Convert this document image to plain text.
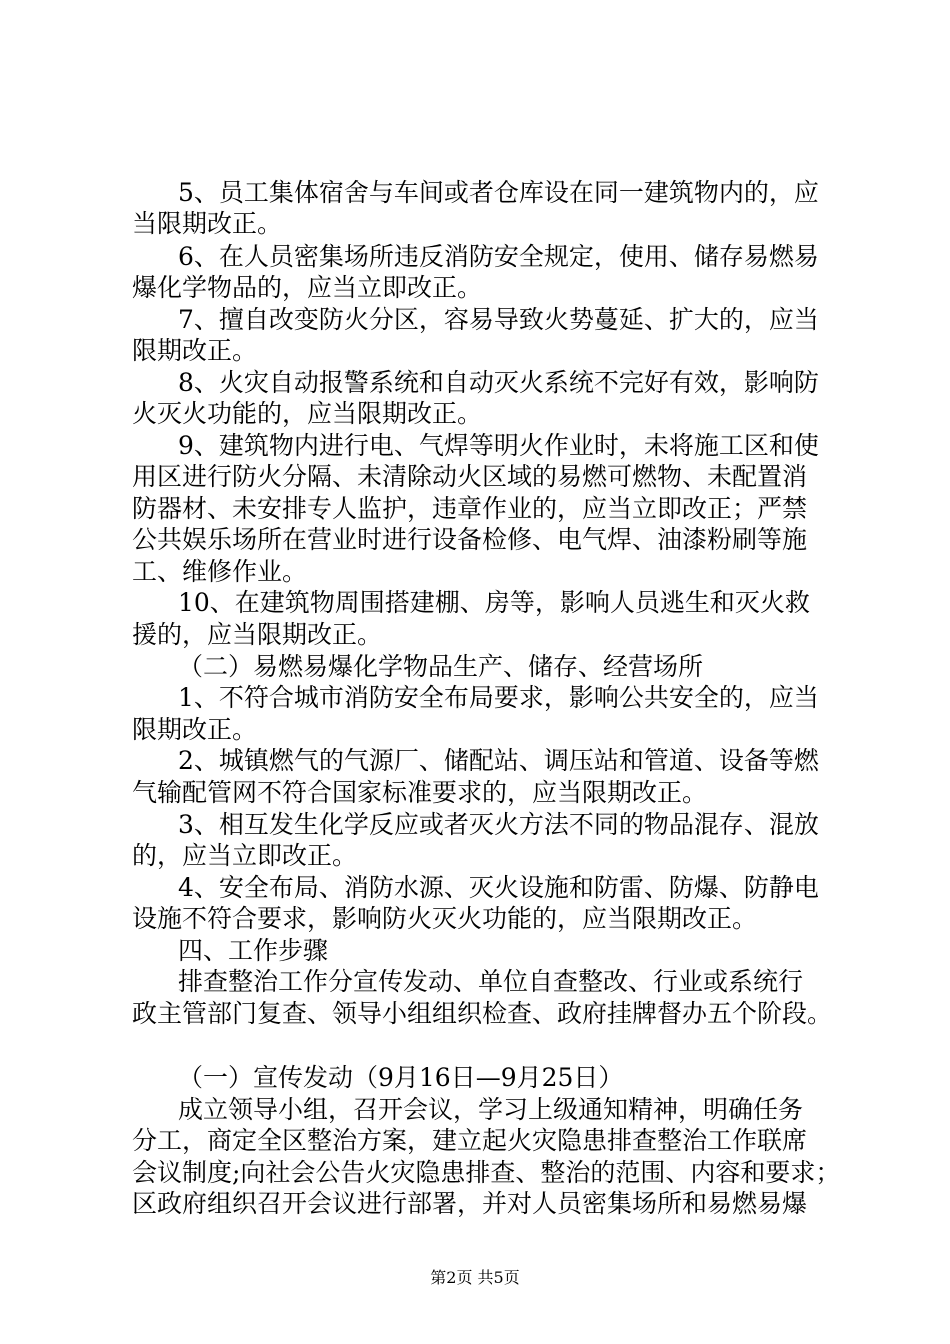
5、员工集体宿舍与车间或者仓库设在同一建筑物内的，应
当限期改正。
6、在人员密集场所违反消防安全规定，使用、储存易燃易
爆化学物品的，应当立即改正。
7、擅自改变防火分区，容易导致火势蔓延、扩大的，应当
限期改正。
8、火灾自动报警系统和自动灭火系统不完好有效，影响防
火灭火功能的，应当限期改正。
9、建筑物内进行电、气焊等明火作业时，未将施工区和使
用区进行防火分隔、未清除动火区域的易燃可燃物、未配置消
防器材、未安排专人监护，违章作业的，应当立即改正；严禁
公共娱乐场所在营业时进行设备检修、电气焊、油漆粉刷等施
工、维修作业。
10、在建筑物周围搭建棚、房等，影响人员逃生和灭火救
援的，应当限期改正。
（二）易燃易爆化学物品生产、储存、经营场所
1、不符合城市消防安全布局要求，影响公共安全的，应当
限期改正。
2、城镇燃气的气源厂、储配站、调压站和管道、设备等燃
气输配管网不符合国家标准要求的，应当限期改正。
3、相互发生化学反应或者灭火方法不同的物品混存、混放
的，应当立即改正。
4、安全布局、消防水源、灭火设施和防雷、防爆、防静电
设施不符合要求，影响防火灭火功能的，应当限期改正。
四、工作步骤
排查整治工作分宣传发动、单位自查整改、行业或系统行
政主管部门复查、领导小组组织检查、政府挂牌督办五个阶段。
（一）宣传发动（9月16日—9月25日）
成立领导小组，召开会议，学习上级通知精神，明确任务
分工，商定全区整治方案，建立起火灾隐患排查整治工作联席
会议制度;向社会公告火灾隐患排查、整治的范围、内容和要求；
区政府组织召开会议进行部署，并对人员密集场所和易燃易爆
第2页 共5页
